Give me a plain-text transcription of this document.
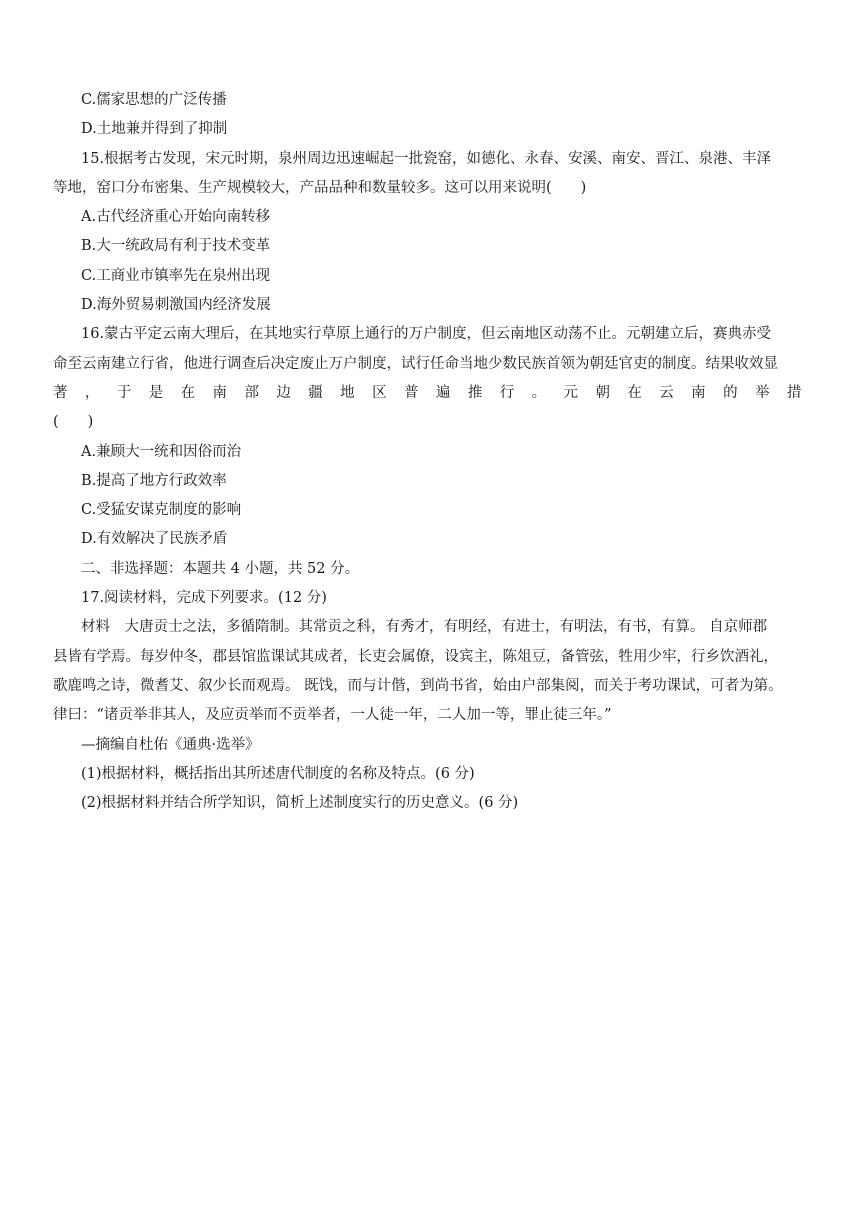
C.儒家思想的广泛传播
D.土地兼并得到了抑制
15.根据考古发现，宋元时期，泉州周边迅速崛起一批瓷窑，如德化、永春、安溪、南安、晋江、泉港、丰泽
等地，窑口分布密集、生产规模较大，产品品种和数量较多。这可以用来说明(　　)
A.古代经济重心开始向南转移
B.大一统政局有利于技术变革
C.工商业市镇率先在泉州出现
D.海外贸易刺激国内经济发展
16.蒙古平定云南大理后，在其地实行草原上通行的万户制度，但云南地区动荡不止。元朝建立后，赛典赤受
命至云南建立行省，他进行调查后决定废止万户制度，试行任命当地少数民族首领为朝廷官吏的制度。结果收效显
著 ， 于 是 在 南 部 边 疆 地 区 普 遍 推 行 。 元 朝 在 云 南 的 举 措
(　　)
A.兼顾大一统和因俗而治
B.提高了地方行政效率
C.受猛安谋克制度的影响
D.有效解决了民族矛盾
二、非选择题：本题共 4 小题，共 52 分。
17.阅读材料，完成下列要求。(12 分)
材料　大唐贡士之法，多循隋制。其常贡之科，有秀才，有明经，有进士，有明法，有书，有算。 自京师郡
县皆有学焉。每岁仲冬，郡县馆监课试其成者，长吏会属僚，设宾主，陈俎豆，备管弦，牲用少牢，行乡饮酒礼，
歌鹿鸣之诗，微耆艾、叙少长而观焉。 既饯，而与计偕，到尚书省，始由户部集阅，而关于考功课试，可者为第。
律曰：“诸贡举非其人，及应贡举而不贡举者，一人徒一年，二人加一等，罪止徒三年。”
—摘编自杜佑《通典·选举》
(1)根据材料，概括指出其所述唐代制度的名称及特点。(6 分)
(2)根据材料并结合所学知识，简析上述制度实行的历史意义。(6 分)
